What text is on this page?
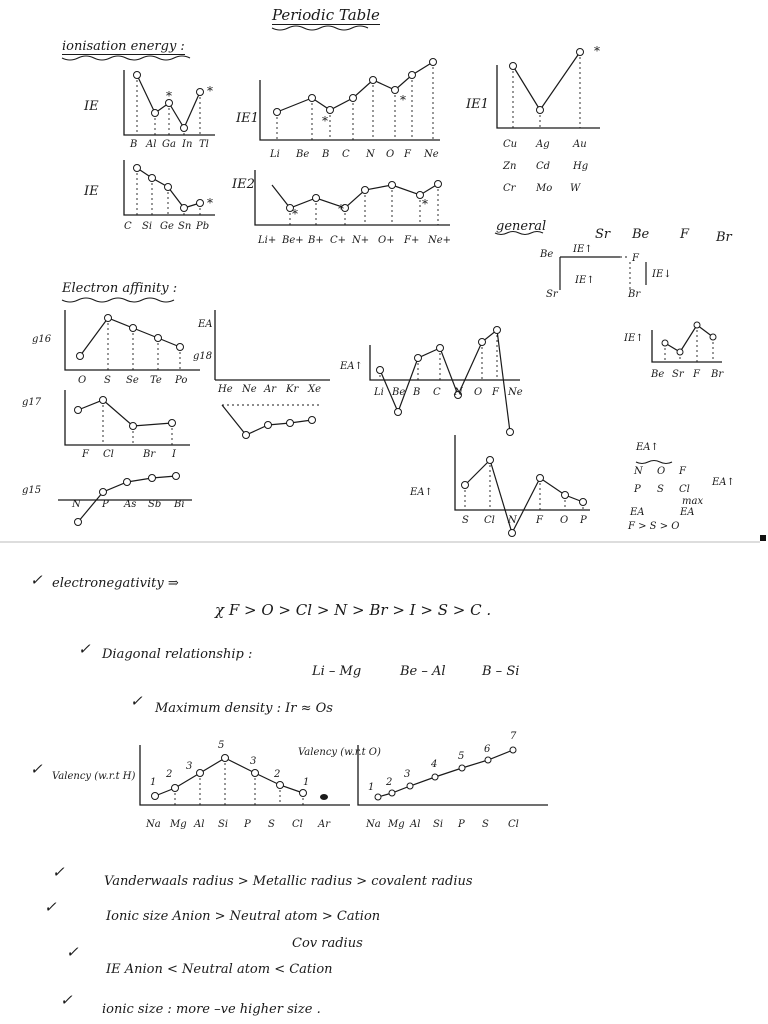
Periodic Table
ionisation energy :
IE
IE
IE1
IE2
IE1
*
*
*
*
*
*	*	*
*
B Al Ga In Tl
C Si Ge Sn Pb
Li Be B C N O F Ne
Li+ Be+ B+ C+ N+ O+ F+ Ne+
Cu Ag Au
Zn Cd Hg
Cr Mo W
general
Sr Be F Br
Be	F
Sr	Br
IE↑
IE↑
IE↓
IE↑
Be Sr F Br
Electron affinity :
g16
EA
g18
g17
g15
EA↑
EA↑
O S Se Te Po
F Cl	Br I
He Ne Ar Kr Xe
N P As Sb Bi
Li Be B C N O F Ne
S Cl N F O P
EA↑
N O F
P S Cl
EA↑
max
EA	EA
F > S > O
✓ electronegativity ⇒
χ F > O > Cl > N > Br > I > S > C .
✓ Diagonal relationship :
Li – Mg	Be – Al	B – Si
✓ Maximum density : Ir ≈ Os
✓ Valency (w.r.t H)
Valency (w.r.t O)
1
2
3
5
3
2
1	1 2
3
4
5
6
7
Na Mg Al Si P S Cl Ar	Na Mg Al Si P S Cl
✓
Vanderwaals radius > Metallic radius > covalent radius
✓
Ionic size Anion > Neutral atom > Cation
Cov radius
✓
IE Anion < Neutral atom < Cation
✓
ionic size : more –ve higher size .
